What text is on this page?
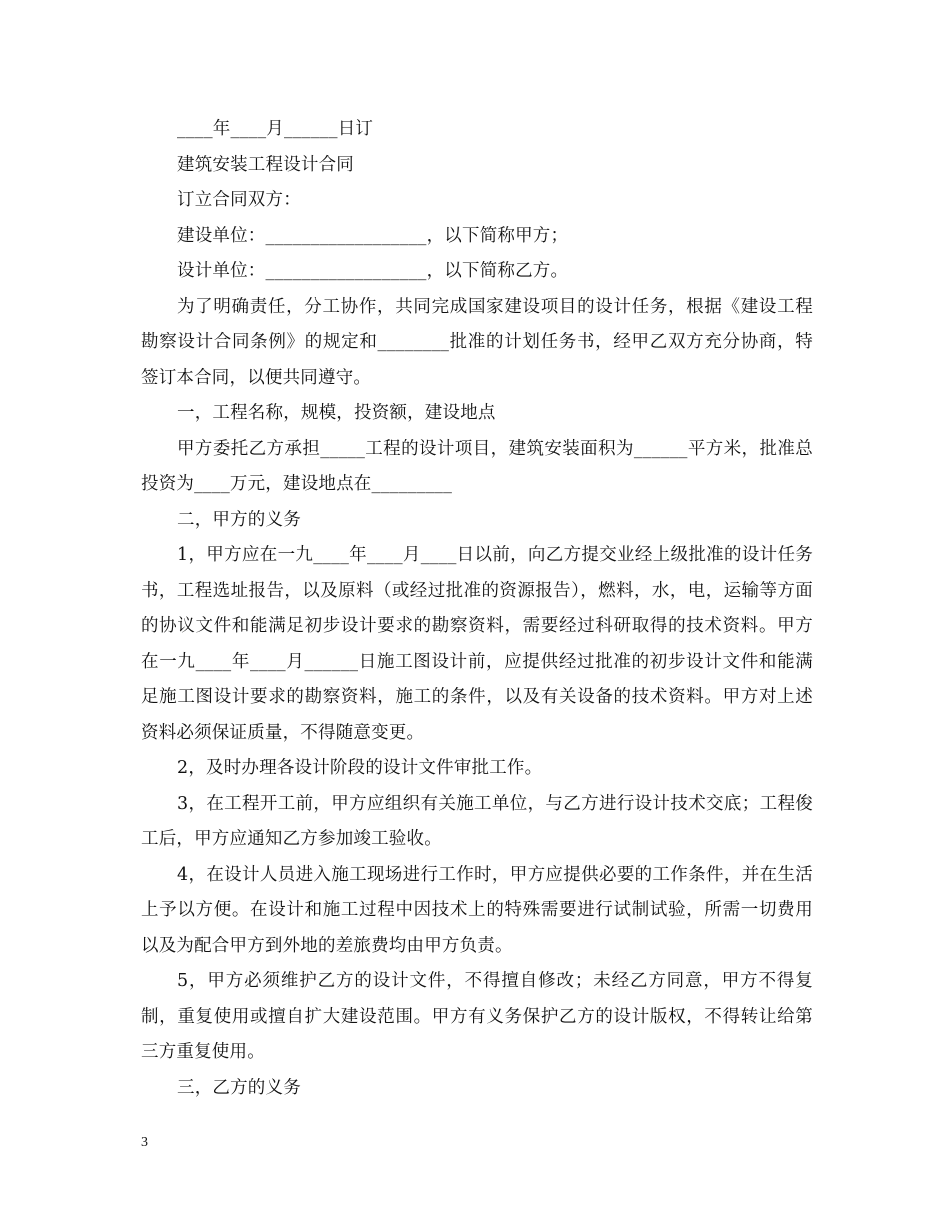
____年____月______日订

建筑安装工程设计合同

订立合同双方：

建设单位：__________________，以下简称甲方；

设计单位：__________________，以下简称乙方。

为了明确责任，分工协作，共同完成国家建设项目的设计任务，根据《建设工程勘察设计合同条例》的规定和________批准的计划任务书，经甲乙双方充分协商，特签订本合同，以便共同遵守。

一，工程名称，规模，投资额，建设地点

甲方委托乙方承担_____工程的设计项目，建筑安装面积为______平方米，批准总投资为____万元，建设地点在_________

二，甲方的义务

1，甲方应在一九____年____月____日以前，向乙方提交业经上级批准的设计任务书，工程选址报告，以及原料（或经过批准的资源报告），燃料，水，电，运输等方面的协议文件和能满足初步设计要求的勘察资料，需要经过科研取得的技术资料。甲方在一九____年____月______日施工图设计前，应提供经过批准的初步设计文件和能满足施工图设计要求的勘察资料，施工的条件，以及有关设备的技术资料。甲方对上述资料必须保证质量，不得随意变更。

2，及时办理各设计阶段的设计文件审批工作。

3，在工程开工前，甲方应组织有关施工单位，与乙方进行设计技术交底；工程俊工后，甲方应通知乙方参加竣工验收。

4，在设计人员进入施工现场进行工作时，甲方应提供必要的工作条件，并在生活上予以方便。在设计和施工过程中因技术上的特殊需要进行试制试验，所需一切费用以及为配合甲方到外地的差旅费均由甲方负责。

5，甲方必须维护乙方的设计文件，不得擅自修改；未经乙方同意，甲方不得复制，重复使用或擅自扩大建设范围。甲方有义务保护乙方的设计版权，不得转让给第三方重复使用。

三，乙方的义务

3
